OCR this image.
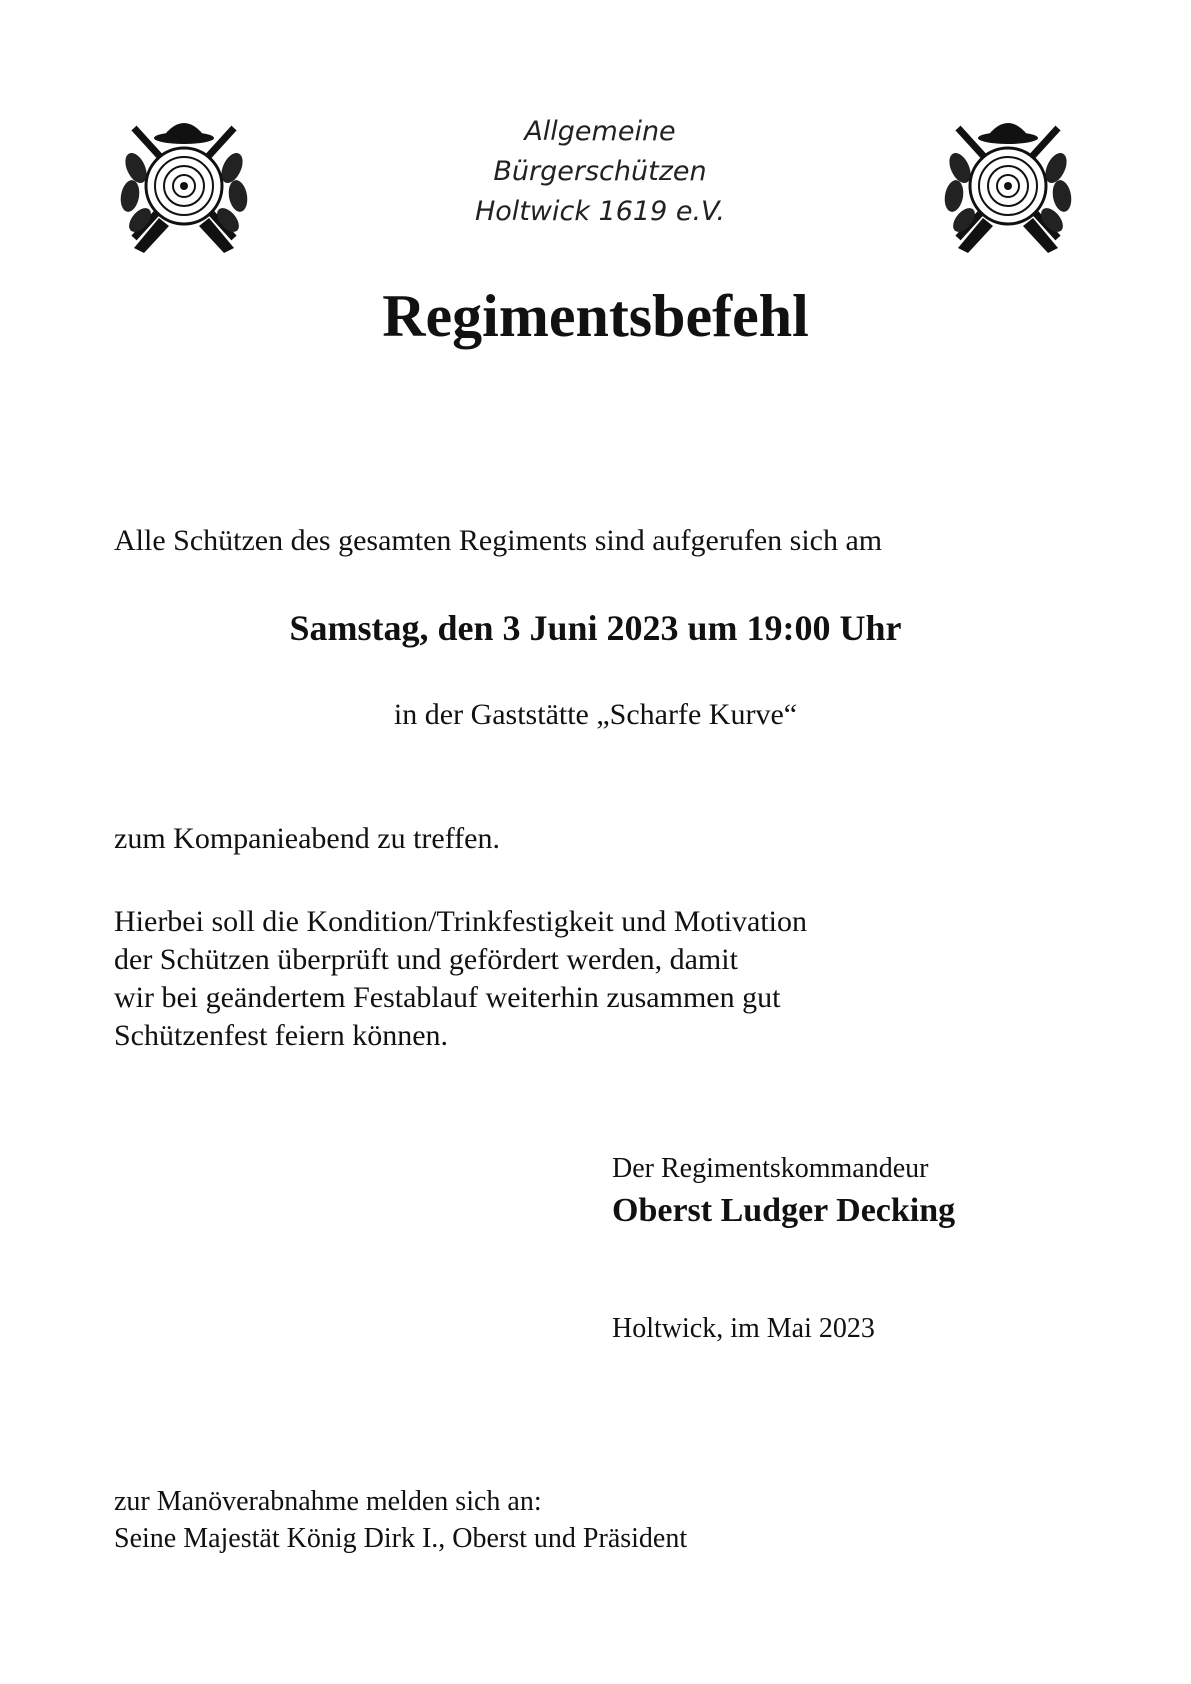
Allgemeine
Bürgerschützen
Holtwick 1619 e.V.
Regimentsbefehl

Alle Schützen des gesamten Regiments sind aufgerufen sich am

Samstag, den 3 Juni 2023 um 19:00 Uhr

in der Gaststätte „Scharfe Kurve“

zum Kompanieabend zu treffen.

Hierbei soll die Kondition/Trinkfestigkeit und Motivation
der Schützen überprüft und gefördert werden, damit
wir bei geändertem Festablauf weiterhin zusammen gut
Schützenfest feiern können.

Der Regimentskommandeur

Oberst Ludger Decking

Holtwick, im Mai 2023

zur Manöverabnahme melden sich an:

Seine Majestät König Dirk I., Oberst und Präsident
